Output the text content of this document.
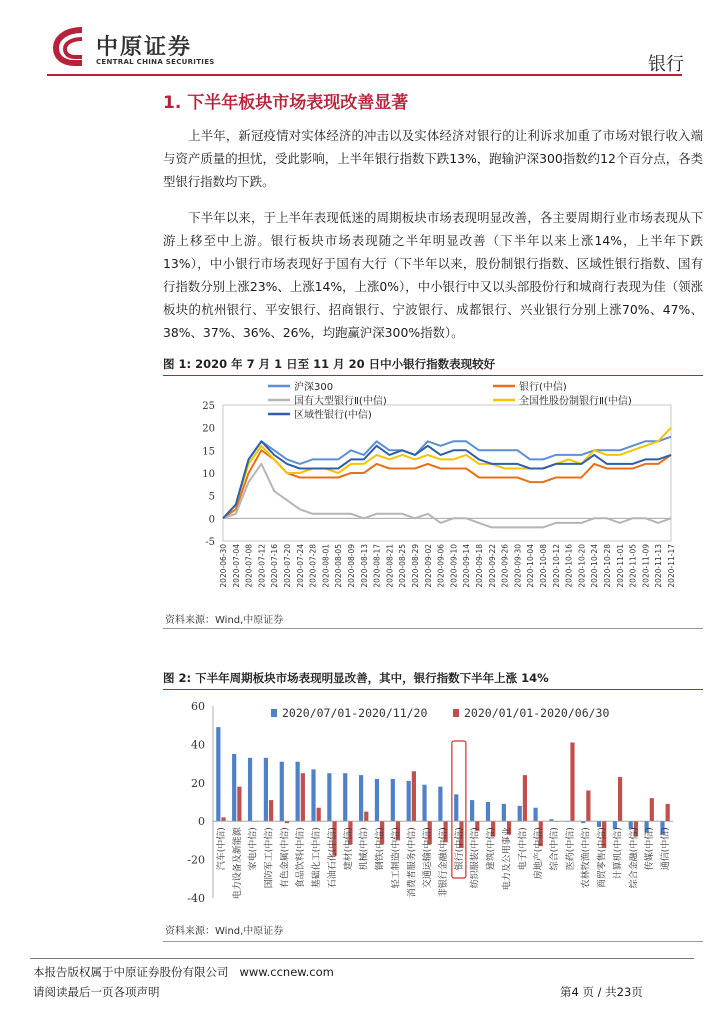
中原证券
CENTRAL CHINA SECURITIES	银行
1. 下半年板块市场表现改善显著
上半年，新冠疫情对实体经济的冲击以及实体经济对银行的让利诉求加重了市场对银行收入端与资产质量的担忧，受此影响，上半年银行指数下跌13%，跑输沪深300指数约12个百分点，各类型银行指数均下跌。
下半年以来，于上半年表现低迷的周期板块市场表现明显改善，各主要周期行业市场表现从下游上移至中上游。银行板块市场表现随之半年明显改善（下半年以来上涨14%，上半年下跌13%），中小银行市场表现好于国有大行（下半年以来，股份制银行指数、区域性银行指数、国有行指数分别上涨23%、上涨14%，上涨0%），中小银行中又以头部股份行和城商行表现为佳（领涨板块的杭州银行、平安银行、招商银行、宁波银行、成都银行、兴业银行分别上涨70%、47%、38%、37%、36%、26%，均跑赢沪深300%指数）。
图 1: 2020 年 7 月 1 日至 11 月 20 日中小银行指数表现较好
-5
0
5
10
15
20
25
2020-06-30 2020-07-04 2020-07-08 2020-07-12 2020-07-16 2020-07-20 2020-07-24 2020-07-28 2020-08-01 2020-08-05 2020-08-09 2020-08-13 2020-08-17 2020-08-21 2020-08-25 2020-08-29 2020-09-02 2020-09-06 2020-09-10 2020-09-14 2020-09-18 2020-09-22 2020-09-26 2020-09-30 2020-10-04 2020-10-08 2020-10-12 2020-10-16 2020-10-20 2020-10-24 2020-10-28 2020-11-01 2020-11-05 2020-11-09 2020-11-13 2020-11-17
沪深300	银行(中信)
国有大型银行Ⅱ(中信)	全国性股份制银行Ⅱ(中信)
区域性银行(中信)
资料来源：Wind,中原证券
图 2: 下半年周期板块市场表现明显改善，其中，银行指数下半年上涨 14%
-40
-20
0
20
40
60
汽车(中信) 电力设备及新能源 家电(中信) 国防军工(中信) 有色金属(中信) 食品饮料(中信) 基础化工(中信) 石油石化(中信) 建材(中信) 机械(中信) 钢铁(中信) 轻工制造(中信) 消费者服务(中信) 交通运输(中信) 非银行金融(中信) 银行(中信) 纺织服装(中信) 建筑(中信) 电力及公用事业 电子(中信) 房地产(中信) 综合(中信) 医药(中信) 农林牧渔(中信) 商贸零售(中信) 计算机(中信) 综合金融(中信) 传媒(中信) 通信(中信)
2020/07/01-2020/11/20	2020/01/01-2020/06/30
资料来源：Wind,中原证券
本报告版权属于中原证券股份有限公司   www.ccnew.com
请阅读最后一页各项声明	第4 页 / 共23页
